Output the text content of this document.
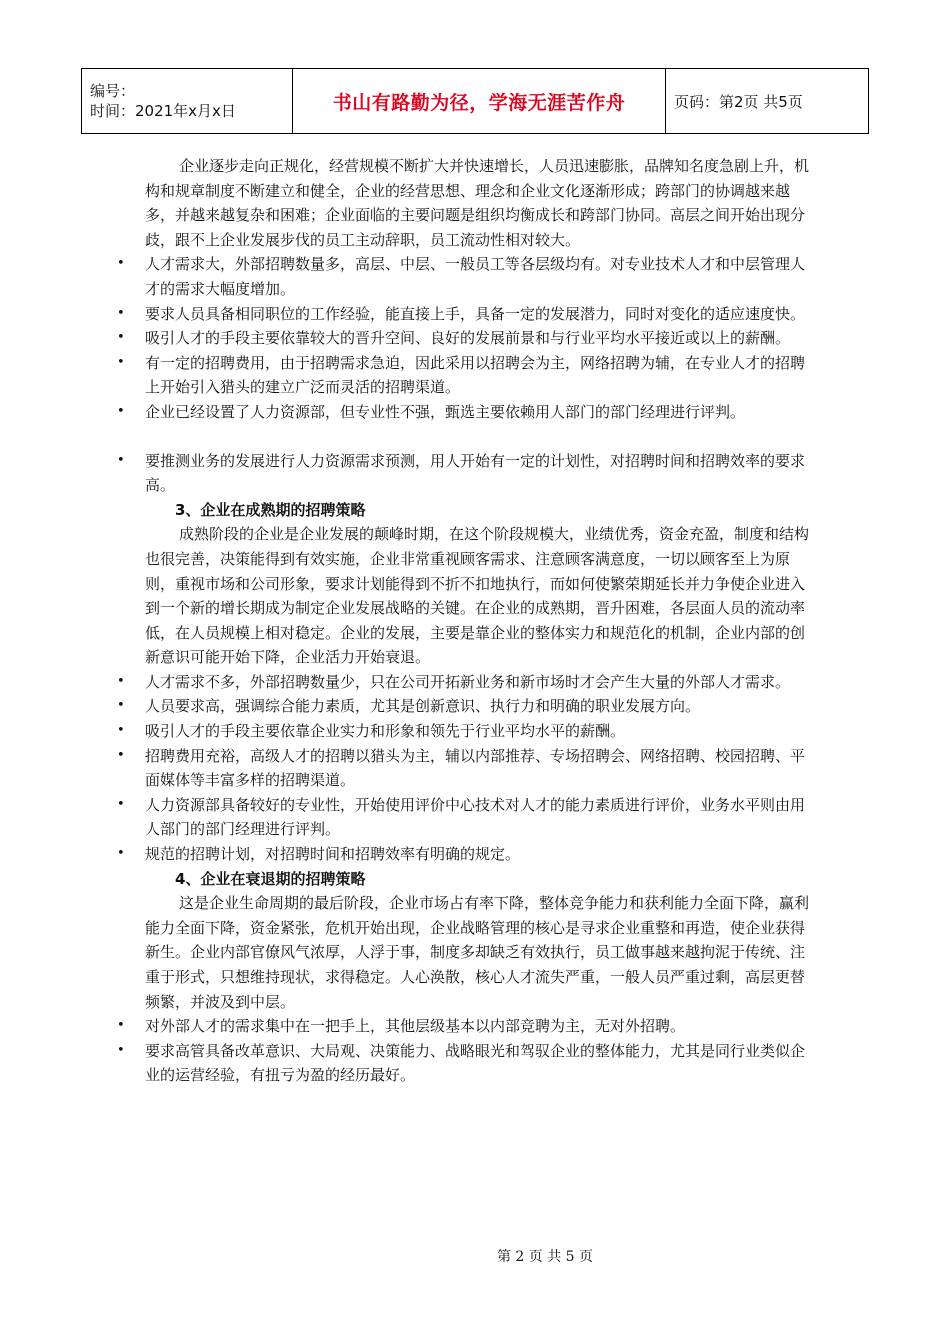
编号：
时间：2021年x月x日	书山有路勤为径，学海无涯苦作舟	页码：第2页 共5页

企业逐步走向正规化，经营规模不断扩大并快速增长，人员迅速膨胀，品牌知名度急剧上升，机构和规章制度不断建立和健全，企业的经营思想、理念和企业文化逐渐形成；跨部门的协调越来越多，并越来越复杂和困难；企业面临的主要问题是组织均衡成长和跨部门协同。高层之间开始出现分歧，跟不上企业发展步伐的员工主动辞职，员工流动性相对较大。

• 人才需求大，外部招聘数量多，高层、中层、一般员工等各层级均有。对专业技术人才和中层管理人才的需求大幅度增加。

• 要求人员具备相同职位的工作经验，能直接上手，具备一定的发展潜力，同时对变化的适应速度快。

• 吸引人才的手段主要依靠较大的晋升空间、良好的发展前景和与行业平均水平接近或以上的薪酬。

• 有一定的招聘费用，由于招聘需求急迫，因此采用以招聘会为主，网络招聘为辅，在专业人才的招聘上开始引入猎头的建立广泛而灵活的招聘渠道。

• 企业已经设置了人力资源部，但专业性不强，甄选主要依赖用人部门的部门经理进行评判。

• 要推测业务的发展进行人力资源需求预测，用人开始有一定的计划性，对招聘时间和招聘效率的要求高。

3、企业在成熟期的招聘策略

成熟阶段的企业是企业发展的颠峰时期，在这个阶段规模大，业绩优秀，资金充盈，制度和结构也很完善，决策能得到有效实施，企业非常重视顾客需求、注意顾客满意度，一切以顾客至上为原则，重视市场和公司形象，要求计划能得到不折不扣地执行，而如何使繁荣期延长并力争使企业进入到一个新的增长期成为制定企业发展战略的关键。在企业的成熟期，晋升困难，各层面人员的流动率低，在人员规模上相对稳定。企业的发展，主要是靠企业的整体实力和规范化的机制，企业内部的创新意识可能开始下降，企业活力开始衰退。

• 人才需求不多，外部招聘数量少，只在公司开拓新业务和新市场时才会产生大量的外部人才需求。

• 人员要求高，强调综合能力素质，尤其是创新意识、执行力和明确的职业发展方向。

• 吸引人才的手段主要依靠企业实力和形象和领先于行业平均水平的薪酬。

• 招聘费用充裕，高级人才的招聘以猎头为主，辅以内部推荐、专场招聘会、网络招聘、校园招聘、平面媒体等丰富多样的招聘渠道。

• 人力资源部具备较好的专业性，开始使用评价中心技术对人才的能力素质进行评价，业务水平则由用人部门的部门经理进行评判。

• 规范的招聘计划，对招聘时间和招聘效率有明确的规定。

4、企业在衰退期的招聘策略

这是企业生命周期的最后阶段，企业市场占有率下降，整体竞争能力和获利能力全面下降，赢利能力全面下降，资金紧张，危机开始出现，企业战略管理的核心是寻求企业重整和再造，使企业获得新生。企业内部官僚风气浓厚，人浮于事，制度多却缺乏有效执行，员工做事越来越拘泥于传统、注重于形式，只想维持现状，求得稳定。人心涣散，核心人才流失严重，一般人员严重过剩，高层更替频繁，并波及到中层。

• 对外部人才的需求集中在一把手上，其他层级基本以内部竞聘为主，无对外招聘。

• 要求高管具备改革意识、大局观、决策能力、战略眼光和驾驭企业的整体能力，尤其是同行业类似企业的运营经验，有扭亏为盈的经历最好。

第 2 页 共 5 页
